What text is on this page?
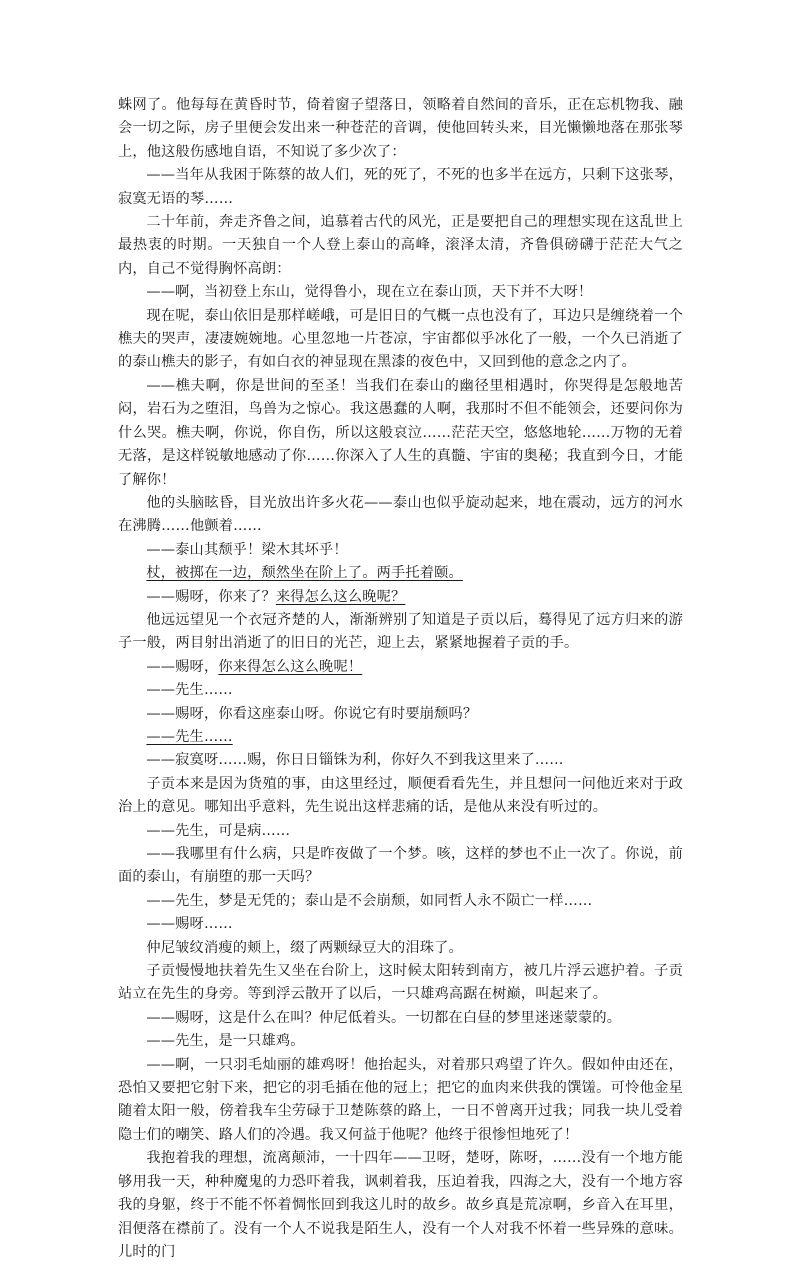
蛛网了。他每每在黄昏时节，倚着窗子望落日，领略着自然间的音乐，正在忘机物我、融会一切之际，房子里便会发出来一种苍茫的音调，使他回转头来，目光懒懒地落在那张琴上，他这般伤感地自语，不知说了多少次了：

——当年从我困于陈蔡的故人们，死的死了，不死的也多半在远方，只剩下这张琴，寂寞无语的琴……

二十年前，奔走齐鲁之间，追慕着古代的风光，正是要把自己的理想实现在这乱世上最热衷的时期。一天独自一个人登上泰山的高峰，滚泽太清，齐鲁俱磅礴于茫茫大气之内，自己不觉得胸怀高朗：

——啊，当初登上东山，觉得鲁小，现在立在泰山顶，天下并不大呀！

现在呢，泰山依旧是那样嵯峨，可是旧日的气概一点也没有了，耳边只是缠绕着一个樵夫的哭声，凄凄婉婉地。心里忽地一片苍凉，宇宙都似乎冰化了一般，一个久已消逝了的泰山樵夫的影子，有如白衣的神显现在黑漆的夜色中，又回到他的意念之内了。

——樵夫啊，你是世间的至圣！当我们在泰山的幽径里相遇时，你哭得是怎般地苦闷，岩石为之堕泪，鸟兽为之惊心。我这愚蠢的人啊，我那时不但不能领会，还要问你为什么哭。樵夫啊，你说，你自伤，所以这般哀泣……茫茫天空，悠悠地轮……万物的无着无落，是这样锐敏地感动了你……你深入了人生的真髓、宇宙的奥秘；我直到今日，才能了解你！

他的头脑眩昏，目光放出许多火花——泰山也似乎旋动起来，地在震动，远方的河水在沸腾……他颤着……

——泰山其颓乎！梁木其坏乎！

杖，被掷在一边，颓然坐在阶上了。两手托着颐。

——赐呀，你来了？来得怎么这么晚呢？

他远远望见一个衣冠齐楚的人，渐渐辨别了知道是子贡以后，蓦得见了远方归来的游子一般，两目射出消逝了的旧日的光芒，迎上去，紧紧地握着子贡的手。

——赐呀，你来得怎么这么晚呢！

——先生……

——赐呀，你看这座泰山呀。你说它有时要崩颓吗？

——先生……

——寂寞呀……赐，你日日锱铢为利，你好久不到我这里来了……

子贡本来是因为货殖的事，由这里经过，顺便看看先生，并且想问一问他近来对于政治上的意见。哪知出乎意料，先生说出这样悲痛的话，是他从来没有听过的。

——先生，可是病……

——我哪里有什么病，只是昨夜做了一个梦。咳，这样的梦也不止一次了。你说，前面的泰山，有崩堕的那一天吗？

——先生，梦是无凭的；泰山是不会崩颓，如同哲人永不陨亡一样……

——赐呀……

仲尼皱纹消瘦的颊上，缀了两颗绿豆大的泪珠了。

子贡慢慢地扶着先生又坐在台阶上，这时候太阳转到南方，被几片浮云遮护着。子贡站立在先生的身旁。等到浮云散开了以后，一只雄鸡高踞在树巅，叫起来了。

——赐呀，这是什么在叫？仲尼低着头。一切都在白昼的梦里迷迷蒙蒙的。

——先生，是一只雄鸡。

——啊，一只羽毛灿丽的雄鸡呀！他抬起头，对着那只鸡望了许久。假如仲由还在，恐怕又要把它射下来，把它的羽毛插在他的冠上；把它的血肉来供我的馔馐。可怜他金星随着太阳一般，傍着我车尘劳碌于卫楚陈蔡的路上，一日不曾离开过我；同我一块儿受着隐士们的嘲笑、路人们的冷遇。我又何益于他呢？他终于很惨怛地死了！

我抱着我的理想，流离颠沛，一十四年——卫呀，楚呀，陈呀，……没有一个地方能够用我一天，种种魔鬼的力恐吓着我，讽刺着我，压迫着我，四海之大，没有一个地方容我的身躯，终于不能不怀着惆怅回到我这儿时的故乡。故乡真是荒凉啊，乡音入在耳里，泪便落在襟前了。没有一个人不说我是陌生人，没有一个人对我不怀着一些异殊的意味。儿时的门
